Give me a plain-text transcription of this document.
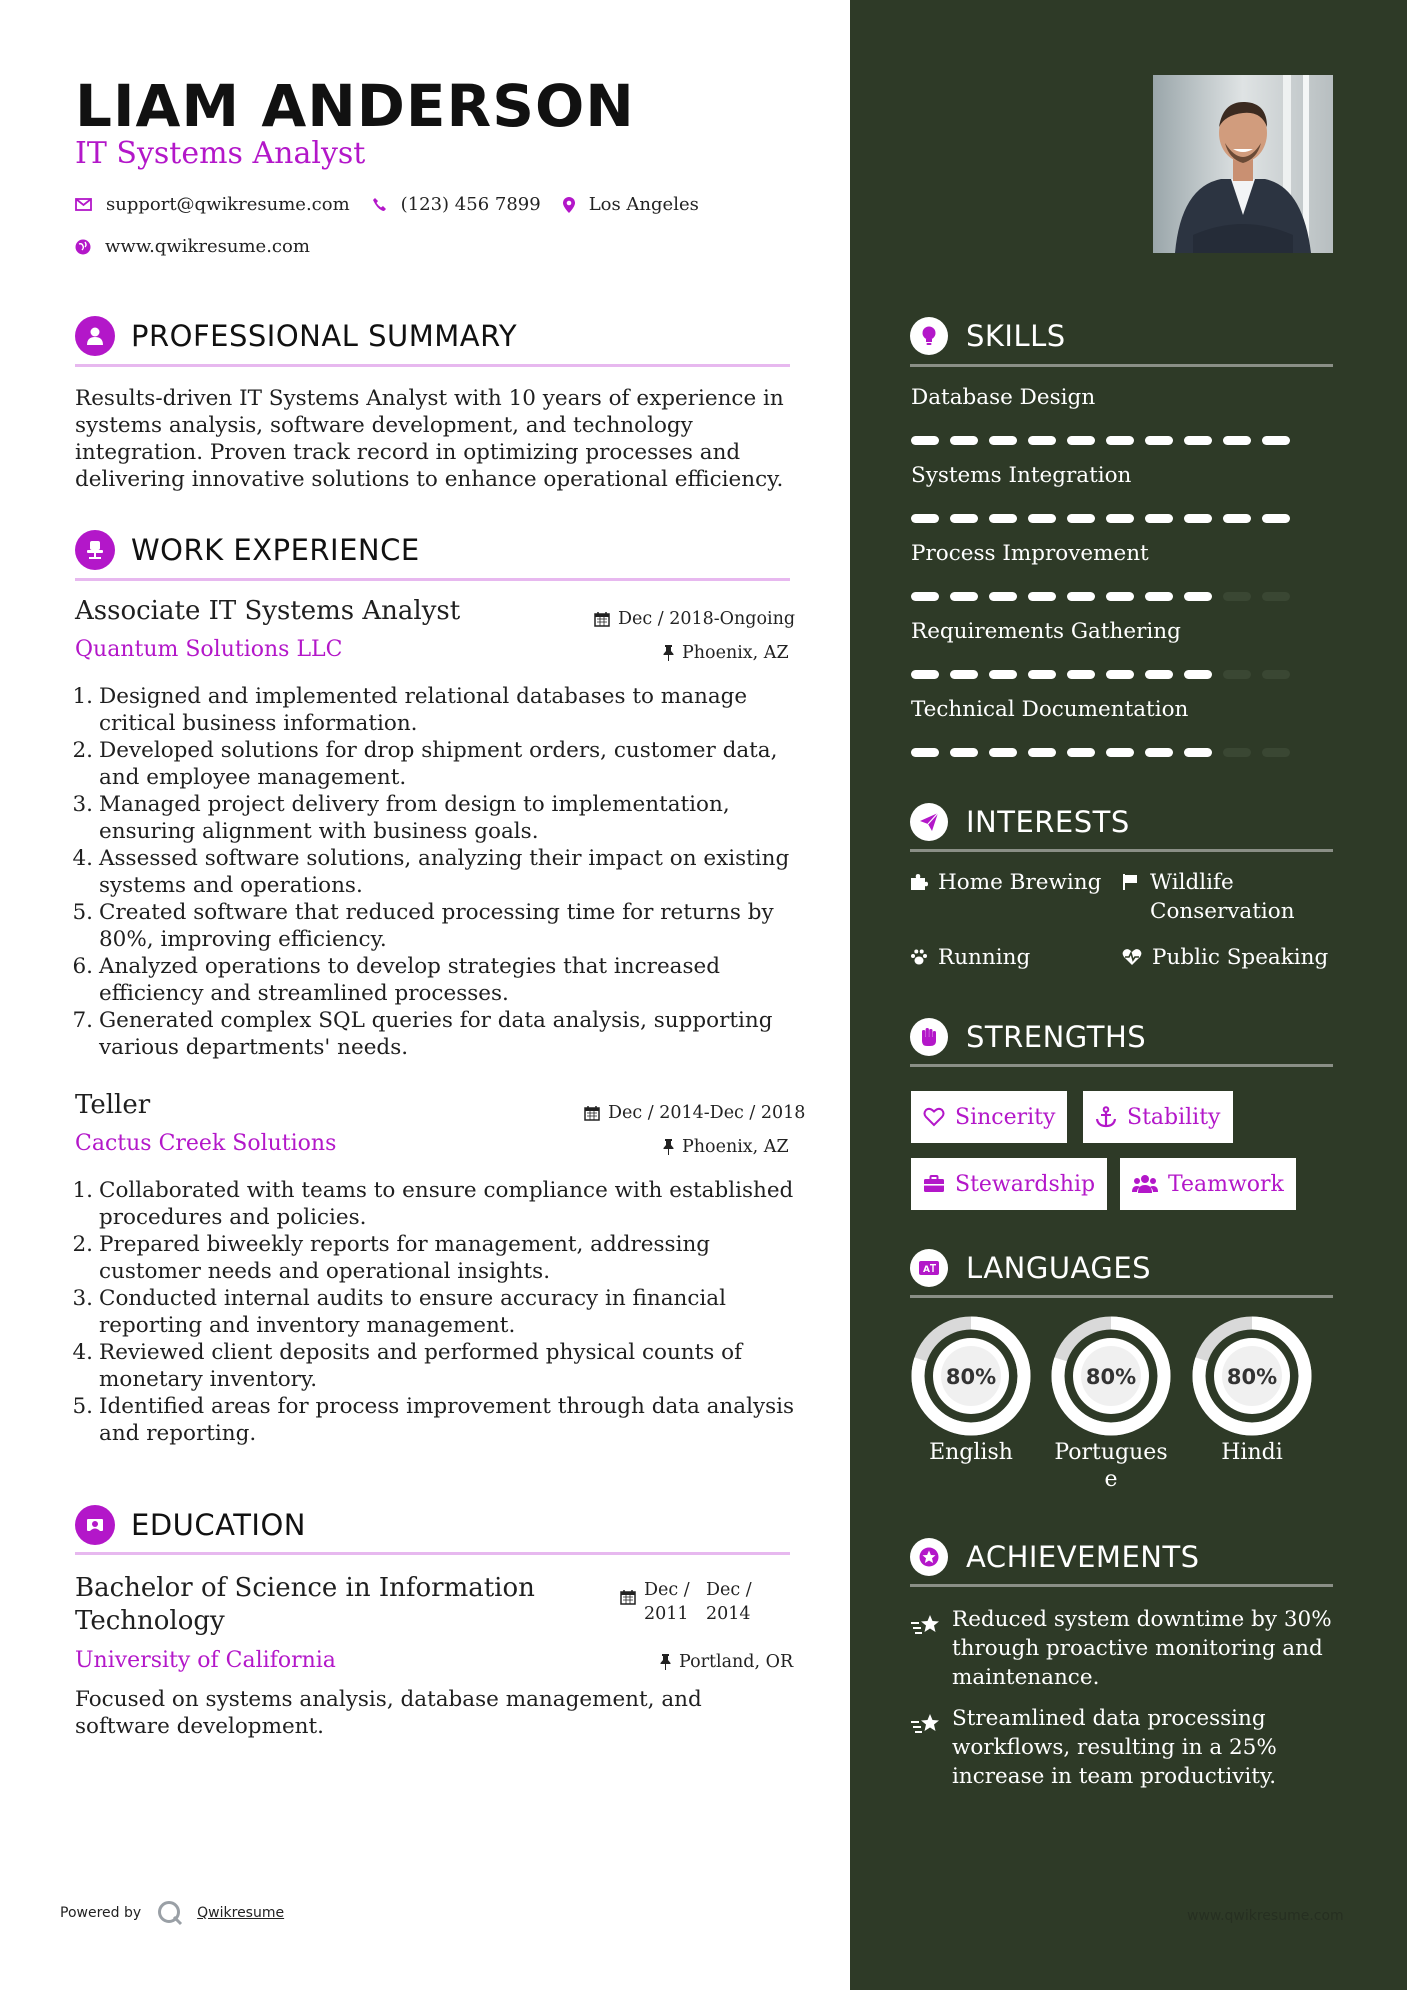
LIAM ANDERSON
IT Systems Analyst
support@qwikresume.com	(123) 456 7899	Los Angeles
www.qwikresume.com
PROFESSIONAL SUMMARY
Results-driven IT Systems Analyst with 10 years of experience in systems analysis, software development, and technology integration. Proven track record in optimizing processes and delivering innovative solutions to enhance operational efficiency.
WORK EXPERIENCE
Associate IT Systems Analyst	Dec / 2018-Ongoing
Quantum Solutions LLC	Phoenix, AZ
1. Designed and implemented relational databases to manage critical business information.
2. Developed solutions for drop shipment orders, customer data, and employee management.
3. Managed project delivery from design to implementation, ensuring alignment with business goals.
4. Assessed software solutions, analyzing their impact on existing systems and operations.
5. Created software that reduced processing time for returns by 80%, improving efficiency.
6. Analyzed operations to develop strategies that increased efficiency and streamlined processes.
7. Generated complex SQL queries for data analysis, supporting various departments' needs.
Teller	Dec / 2014-Dec / 2018
Cactus Creek Solutions	Phoenix, AZ
1. Collaborated with teams to ensure compliance with established procedures and policies.
2. Prepared biweekly reports for management, addressing customer needs and operational insights.
3. Conducted internal audits to ensure accuracy in financial reporting and inventory management.
4. Reviewed client deposits and performed physical counts of monetary inventory.
5. Identified areas for process improvement through data analysis and reporting.
EDUCATION
Bachelor of Science in Information Technology
Dec / 2011
Dec / 2014
University of California	Portland, OR
Focused on systems analysis, database management, and software development.
Powered by	Qwikresume
SKILLS
Database Design
Systems Integration
Process Improvement
Requirements Gathering
Technical Documentation
INTERESTS
Home Brewing Wildlife Conservation
Running	Public Speaking
STRENGTHS
Sincerity	Stability
Stewardship	Teamwork
A LANGUAGES
80%
English
80%
Portugues e
80%
Hindi
ACHIEVEMENTS
Reduced system downtime by 30% through proactive monitoring and maintenance.
Streamlined data processing workflows, resulting in a 25% increase in team productivity.
www.qwikresume.com
